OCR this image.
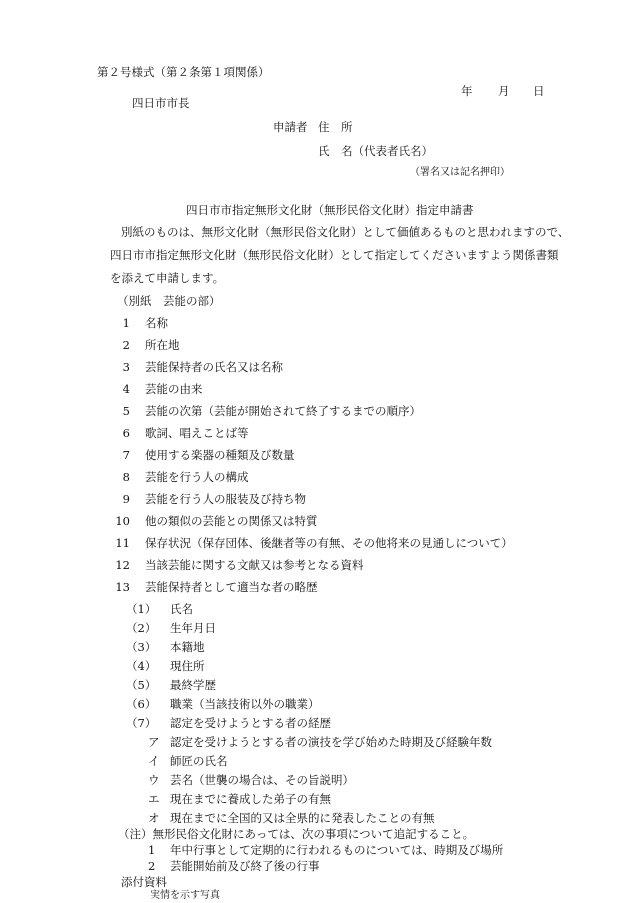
第２号様式（第２条第１項関係）
年 月 日
四日市市長
申請者 住　所
氏　名（代表者氏名）
（署名又は記名押印）
四日市市指定無形文化財（無形民俗文化財）指定申請書
別紙のものは、無形文化財（無形民俗文化財）として価値あるものと思われますので、
四日市市指定無形文化財（無形民俗文化財）として指定してくださいますよう関係書類
を添えて申請します。
（別紙　芸能の部）
1 名称
2 所在地
3 芸能保持者の氏名又は名称
4 芸能の由来
5 芸能の次第（芸能が開始されて終了するまでの順序）
6 歌詞、唱えことば等
7 使用する楽器の種類及び数量
8 芸能を行う人の構成
9 芸能を行う人の服装及び持ち物
10 他の類似の芸能との関係又は特質
11 保存状況（保存団体、後継者等の有無、その他将来の見通しについて）
12 当該芸能に関する文献又は参考となる資料
13 芸能保持者として適当な者の略歴
（1） 氏名
（2） 生年月日
（3） 本籍地
（4） 現住所
（5） 最終学歴
（6） 職業（当該技術以外の職業）
（7） 認定を受けようとする者の経歴
ア 認定を受けようとする者の演技を学び始めた時期及び経験年数
イ 師匠の氏名
ウ 芸名（世襲の場合は、その旨説明）
エ 現在までに養成した弟子の有無
オ 現在までに全国的又は全県的に発表したことの有無
（注）無形民俗文化財にあっては、次の事項について追記すること。
1 年中行事として定期的に行われるものについては、時期及び場所
2 芸能開始前及び終了後の行事
添付資料
実情を示す写真
